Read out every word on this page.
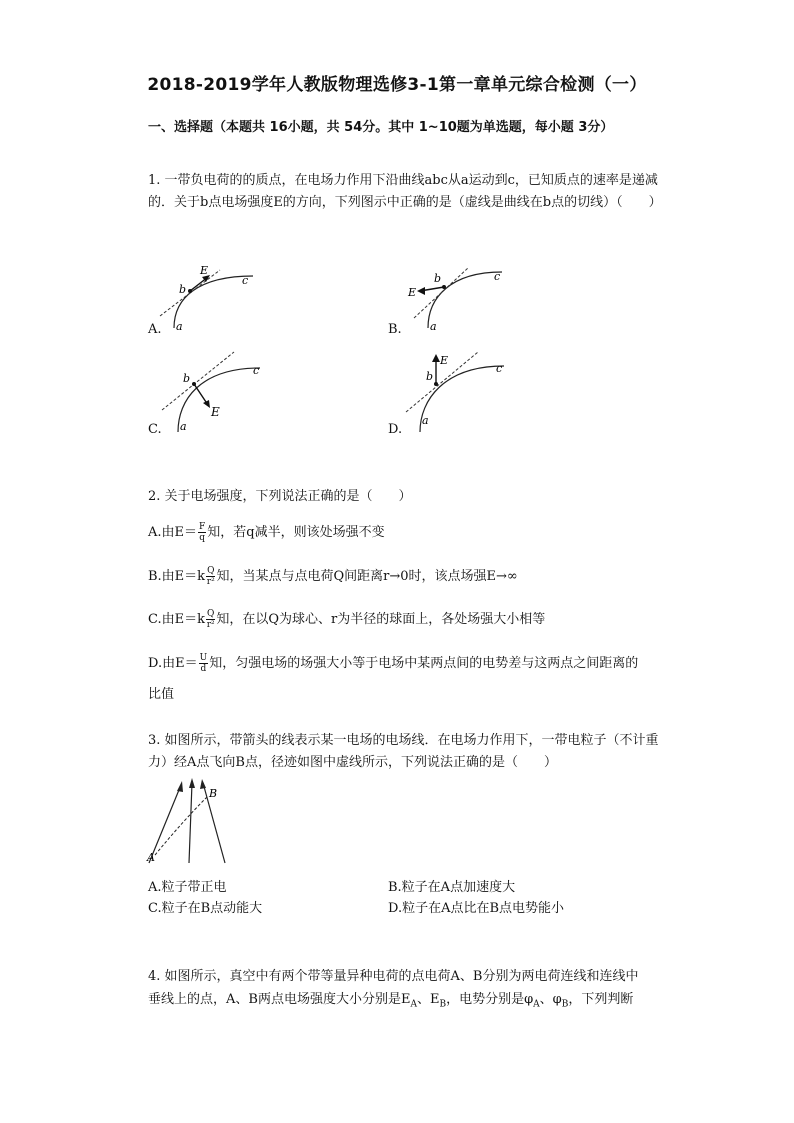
2018-2019学年人教版物理选修3-1第一章单元综合检测（一）
一、选择题（本题共 16小题，共 54分。其中 1~10题为单选题，每小题 3分）
1. 一带负电荷的的质点，在电场力作用下沿曲线abc从a运动到c，已知质点的速率是递减的．关于b点电场强度E的方向，下列图示中正确的是（虚线是曲线在b点的切线）（　　）
A.
E
b
c
a	B.
E
b	c
a
C.
E
b
c
a	D.
E
b
c
a
2. 关于电场强度，下列说法正确的是（　　）
A.由$E= \frac{F}{q}$ 知，若q减半，则该处场强不变
B.由$E=k \frac{Q}{\text{r²}}$ 知，当某点与点电荷Q间距离r→0时，该点场强E→∞
C.由$E=k \frac{Q}{\text{r²}}$ 知，在以Q为球心、r为半径的球面上，各处场强大小相等
D.由$E= \frac{U}{d}$ 知，匀强电场的场强大小等于电场中某两点间的电势差与这两点之间距离的
比值
3. 如图所示，带箭头的线表示某一电场的电场线．在电场力作用下，一带电粒子（不计重力）经A点飞向B点，径迹如图中虚线所示，下列说法正确的是（　　）
A
B
A.粒子带正电	B.粒子在A点加速度大
C.粒子在B点动能大	D.粒子在A点比在B点电势能小
4. 如图所示，真空中有两个带等量异种电荷的点电荷A、B分别为两电荷连线和连线中
垂线上的点，A、B两点电场强度大小分别是$E_A$、$E_B$，电势分别是$\varphi_A$、$\varphi_B$，下列判断
